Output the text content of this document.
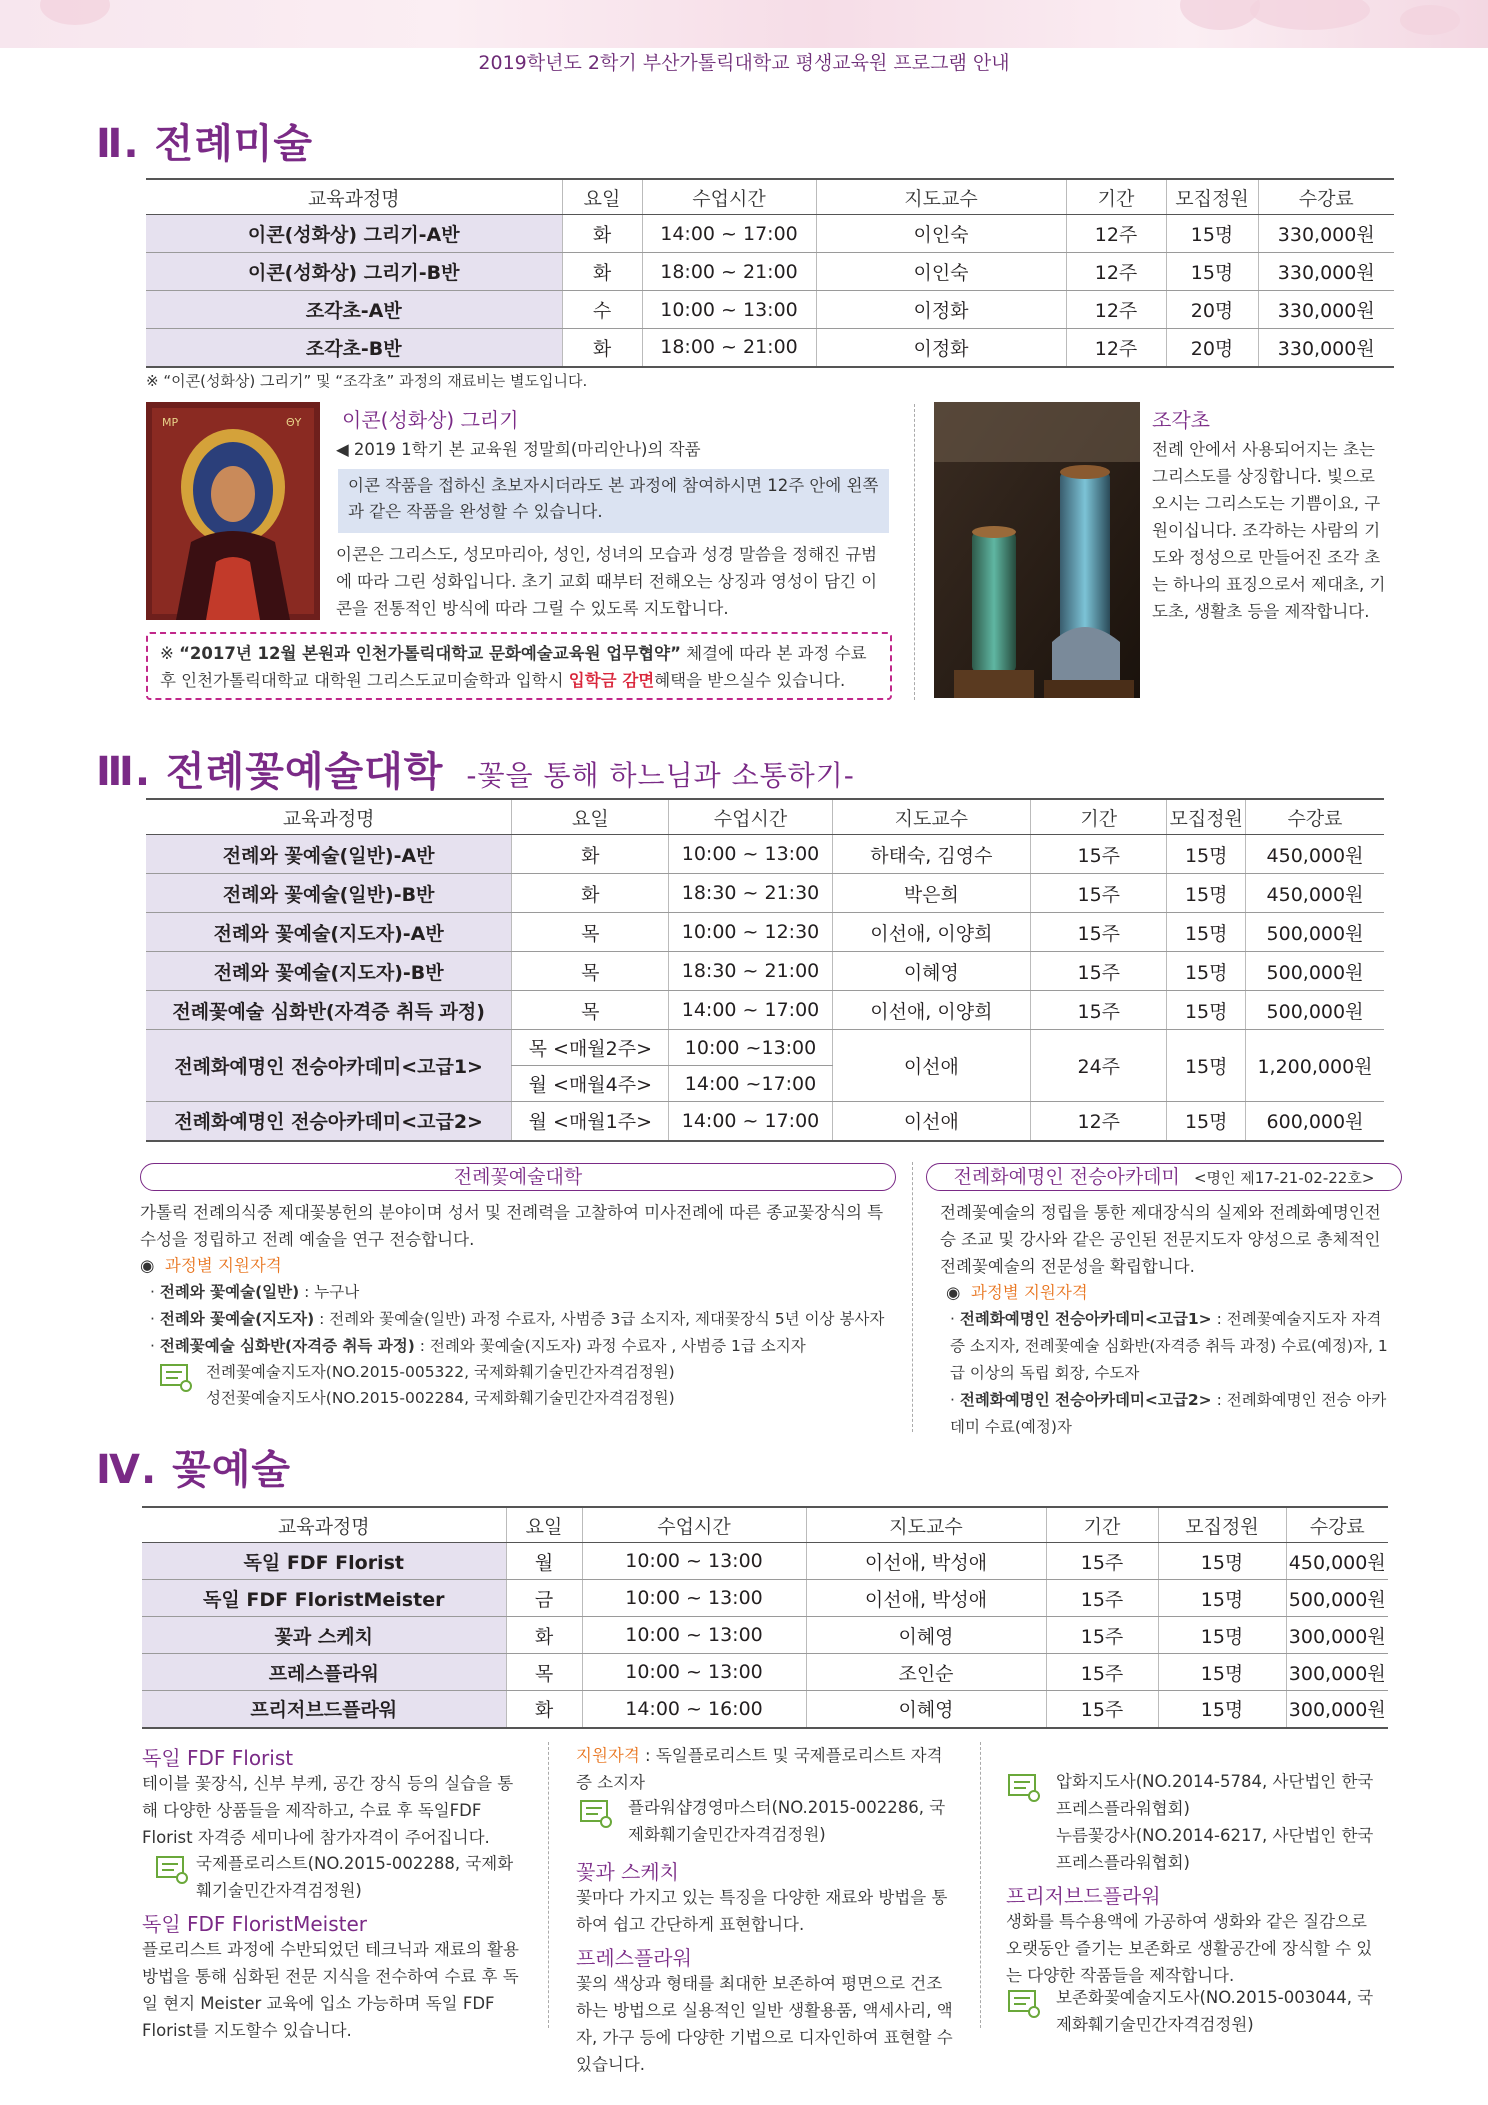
2019학년도 2학기 부산가톨릭대학교 평생교육원 프로그램 안내
Ⅱ. 전례미술
교육과정명	요일	수업시간	지도교수	기간	모집정원	수강료
이콘(성화상) 그리기-A반	화	14:00 ~ 17:00	이인숙	12주	15명	330,000원
이콘(성화상) 그리기-B반	화	18:00 ~ 21:00	이인숙	12주	15명	330,000원
조각초-A반	수	10:00 ~ 13:00	이정화	12주	20명	330,000원
조각초-B반	화	18:00 ~ 21:00	이정화	12주	20명	330,000원
※ “이콘(성화상) 그리기” 및 “조각초” 과정의 재료비는 별도입니다.
MP	ΘΥ 이콘(성화상) 그리기
◀ 2019 1학기 본 교육원 정말희(마리안나)의 작품
이콘 작품을 접하신 초보자시더라도 본 과정에 참여하시면 12주 안에 왼쪽과 같은 작품을 완성할 수 있습니다.
이콘은 그리스도, 성모마리아, 성인, 성녀의 모습과 성경 말씀을 정해진 규범에 따라 그린 성화입니다. 초기 교회 때부터 전해오는 상징과 영성이 담긴 이콘을 전통적인 방식에 따라 그릴 수 있도록 지도합니다.
※ “2017년 12월 본원과 인천가톨릭대학교 문화예술교육원 업무협약” 체결에 따라 본 과정 수료 후 인천가톨릭대학교 대학원 그리스도교미술학과 입학시 입학금 감면혜택을 받으실수 있습니다.
조각초
전례 안에서 사용되어지는 초는 그리스도를 상징합니다. 빛으로 오시는 그리스도는 기쁨이요, 구원이십니다. 조각하는 사람의 기도와 정성으로 만들어진 조각 초는 하나의 표징으로서 제대초, 기도초, 생활초 등을 제작합니다.
Ⅲ. 전례꽃예술대학 -꽃을 통해 하느님과 소통하기-
교육과정명	요일	수업시간	지도교수	기간	모집정원	수강료
전례와 꽃예술(일반)-A반	화	10:00 ~ 13:00	하태숙, 김영수	15주	15명	450,000원
전례와 꽃예술(일반)-B반	화	18:30 ~ 21:30	박은희	15주	15명	450,000원
전례와 꽃예술(지도자)-A반	목	10:00 ~ 12:30	이선애, 이양희	15주	15명	500,000원
전례와 꽃예술(지도자)-B반	목	18:30 ~ 21:00	이혜영	15주	15명	500,000원
전례꽃예술 심화반(자격증 취득 과정)	목	14:00 ~ 17:00	이선애, 이양희	15주	15명	500,000원
전례화예명인 전승아카데미<고급1>	목 <매월2주>	10:00 ~13:00	이선애	24주	15명	1,200,000원
	월 <매월4주>	14:00 ~17:00				
전례화예명인 전승아카데미<고급2>	월 <매월1주>	14:00 ~ 17:00	이선애	12주	15명	600,000원
전례꽃예술대학
가톨릭 전례의식중 제대꽃봉헌의 분야이며 성서 및 전례력을 고찰하여 미사전례에 따른 종교꽃장식의 특수성을 정립하고 전례 예술을 연구 전승합니다.
◉ 과정별 지원자격
· 전례와 꽃예술(일반) : 누구나
· 전례와 꽃예술(지도자) : 전례와 꽃예술(일반) 과정 수료자, 사범증 3급 소지자, 제대꽃장식 5년 이상 봉사자
· 전례꽃예술 심화반(자격증 취득 과정) : 전례와 꽃예술(지도자) 과정 수료자 , 사범증 1급 소지자
전례꽃예술지도자(NO.2015-005322, 국제화훼기술민간자격검정원)
성전꽃예술지도사(NO.2015-002284, 국제화훼기술민간자격검정원)
전례화예명인 전승아카데미 <명인 제17-21-02-22호>
전례꽃예술의 정립을 통한 제대장식의 실제와 전례화예명인전승 조교 및 강사와 같은 공인된 전문지도자 양성으로 총체적인 전례꽃예술의 전문성을 확립합니다.
◉ 과정별 지원자격
· 전례화예명인 전승아카데미<고급1> : 전례꽃예술지도자 자격증 소지자, 전례꽃예술 심화반(자격증 취득 과정) 수료(예정)자, 1급 이상의 독립 회장, 수도자
· 전례화예명인 전승아카데미<고급2> : 전례화예명인 전승 아카데미 수료(예정)자
Ⅳ. 꽃예술
교육과정명	요일	수업시간	지도교수	기간	모집정원	수강료
독일 FDF Florist	월	10:00 ~ 13:00	이선애, 박성애	15주	15명	450,000원
독일 FDF FloristMeister	금	10:00 ~ 13:00	이선애, 박성애	15주	15명	500,000원
꽃과 스케치	화	10:00 ~ 13:00	이혜영	15주	15명	300,000원
프레스플라워	목	10:00 ~ 13:00	조인순	15주	15명	300,000원
프리저브드플라워	화	14:00 ~ 16:00	이혜영	15주	15명	300,000원
독일 FDF Florist
테이블 꽃장식, 신부 부케, 공간 장식 등의 실습을 통해 다양한 상품들을 제작하고, 수료 후 독일FDF Florist 자격증 세미나에 참가자격이 주어집니다.
국제플로리스트(NO.2015-002288, 국제화훼기술민간자격검정원)
독일 FDF FloristMeister
플로리스트 과정에 수반되었던 테크닉과 재료의 활용방법을 통해 심화된 전문 지식을 전수하여 수료 후 독일 현지 Meister 교육에 입소 가능하며 독일 FDF Florist를 지도할수 있습니다.
지원자격 : 독일플로리스트 및 국제플로리스트 자격증 소지자
플라워샵경영마스터(NO.2015-002286, 국제화훼기술민간자격검정원)
꽃과 스케치
꽃마다 가지고 있는 특징을 다양한 재료와 방법을 통하여 쉽고 간단하게 표현합니다.
프레스플라워
꽃의 색상과 형태를 최대한 보존하여 평면으로 건조하는 방법으로 실용적인 일반 생활용품, 액세사리, 액자, 가구 등에 다양한 기법으로 디자인하여 표현할 수 있습니다.
압화지도사(NO.2014-5784, 사단법인 한국프레스플라워협회)
누름꽃강사(NO.2014-6217, 사단법인 한국프레스플라워협회)
프리저브드플라워
생화를 특수용액에 가공하여 생화와 같은 질감으로 오랫동안 즐기는 보존화로 생활공간에 장식할 수 있는 다양한 작품들을 제작합니다.
보존화꽃예술지도사(NO.2015-003044, 국제화훼기술민간자격검정원)
